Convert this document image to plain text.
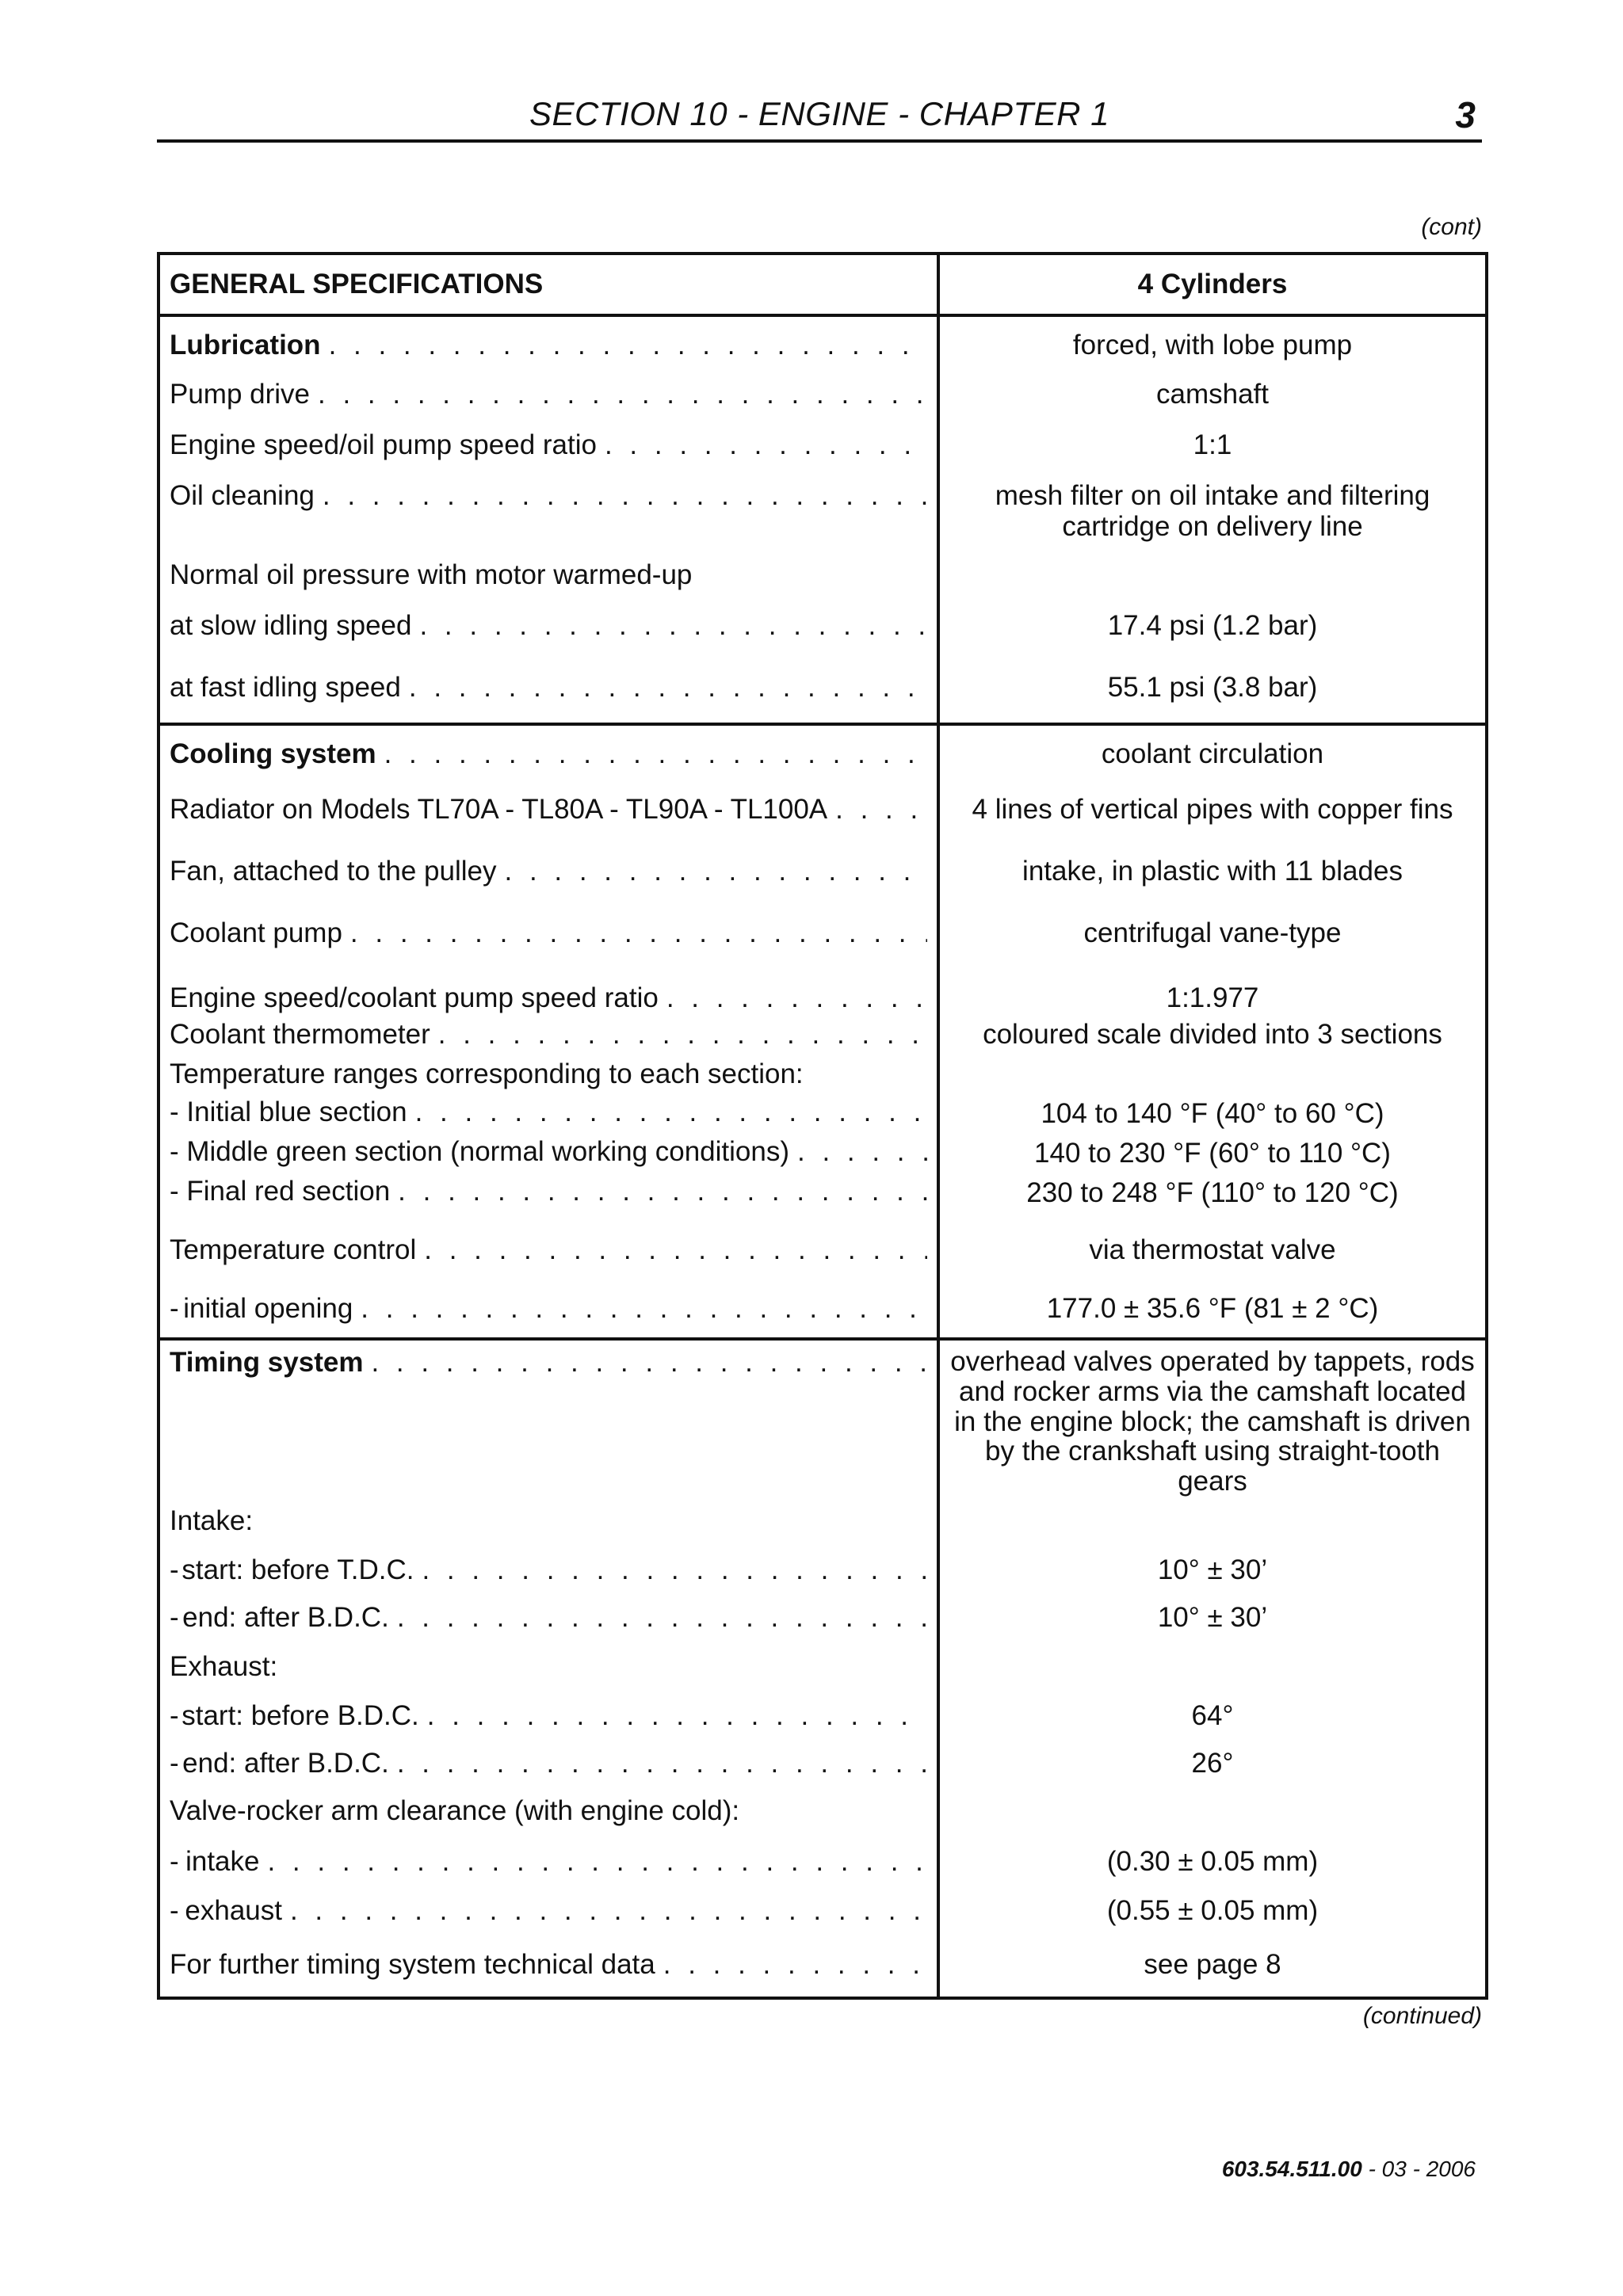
SECTION 10 - ENGINE - CHAPTER 1	3
(cont)
GENERAL SPECIFICATIONS	4 Cylinders

Lubrication
. . .	forced, with lobe pump

Pump drive
. . .	camshaft

Engine speed/oil pump speed ratio
. . .	1:1

Oil cleaning
. . .	mesh filter on oil intake and filtering
cartridge on delivery line

Normal oil pressure with motor warmed-up	

at slow idling speed
. . .	17.4 psi (1.2 bar)

at fast idling speed
. . .	55.1 psi (3.8 bar)

Cooling system
. . .	coolant circulation

Radiator on Models TL70A - TL80A - TL90A - TL100A
. . .	4 lines of vertical pipes with copper fins

Fan, attached to the pulley
. . .	intake, in plastic with 11 blades

Coolant pump
. . .	centrifugal vane-type

Engine speed/coolant pump speed ratio
. . .	1:1.977

Coolant thermometer
. . .	coloured scale divided into 3 sections
Temperature ranges corresponding to each section:	

- Initial blue section
. . .	104 to 140 °F (40° to 60 °C)

- Middle green section (normal working conditions)
. . .	140 to 230 °F (60° to 110 °C)

- Final red section
. . .	230 to 248 °F (110° to 120 °C)

Temperature control
. . .	via thermostat valve

- initial opening
. . .	177.0 ± 35.6 °F (81 ± 2 °C)

Timing system
. . .	overhead valves operated by tappets, rods
and rocker arms via the camshaft located
in the engine block; the camshaft is driven
by the crankshaft using straight-tooth
gears

Intake:	

- start: before T.D.C.
. . .	10° ± 30’

- end: after B.D.C.
. . .	10° ± 30’
Exhaust:	

- start: before B.D.C.
. . .	64°

- end: after B.D.C.
. . .	26°
Valve-rocker arm clearance (with engine cold):	

- intake
. . .	(0.30 ± 0.05 mm)

- exhaust
. . .	(0.55 ± 0.05 mm)

For further timing system technical data
. . .	see page 8
(continued)
603.54.511.00 - 03 - 2006
